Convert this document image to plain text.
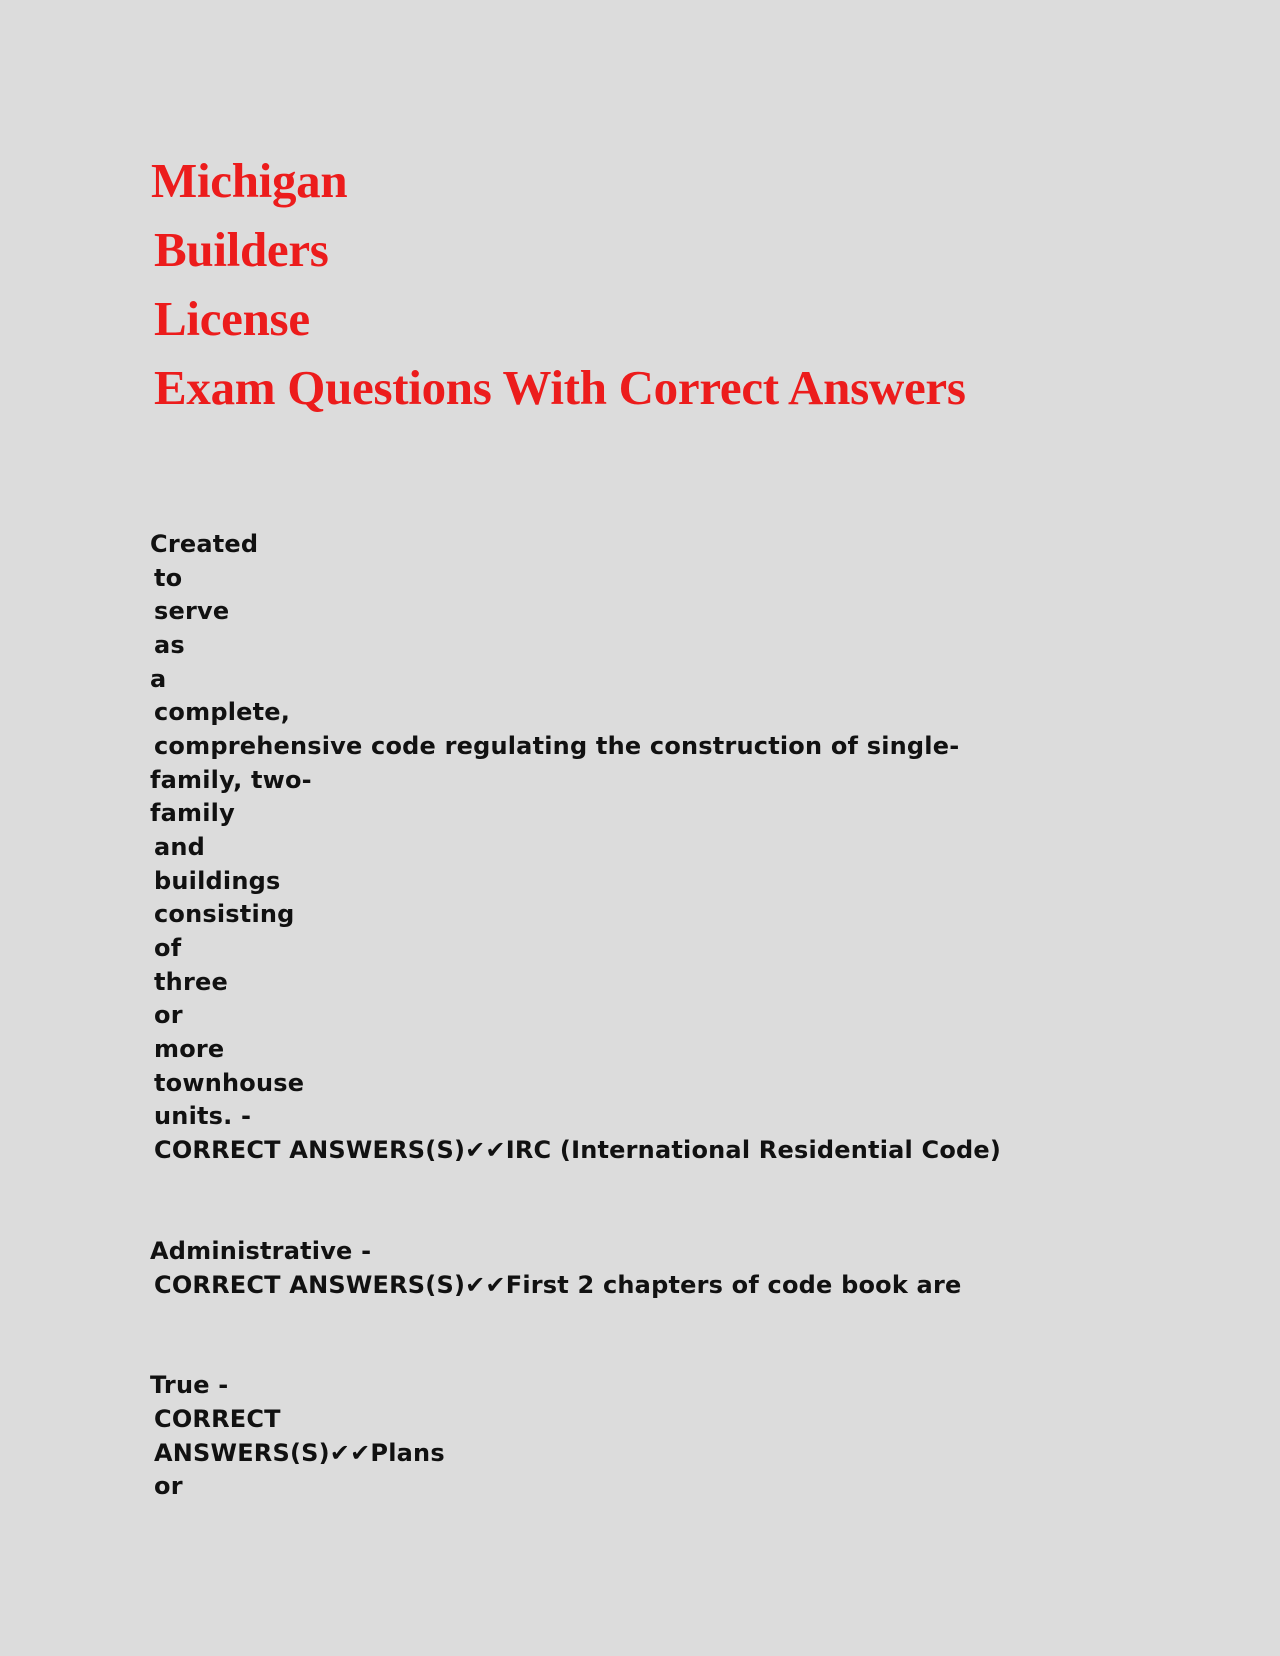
Michigan
Builders
License
Exam Questions With Correct Answers
Created
to
serve
as
a
complete,
comprehensive code regulating the construction of single-
family, two-
family
and
buildings
consisting
of
three
or
more
townhouse
units. -
CORRECT ANSWERS(S)✔✔IRC (International Residential Code)
Administrative -
CORRECT ANSWERS(S)✔✔First 2 chapters of code book are
True -
CORRECT
ANSWERS(S)✔✔Plans
or
